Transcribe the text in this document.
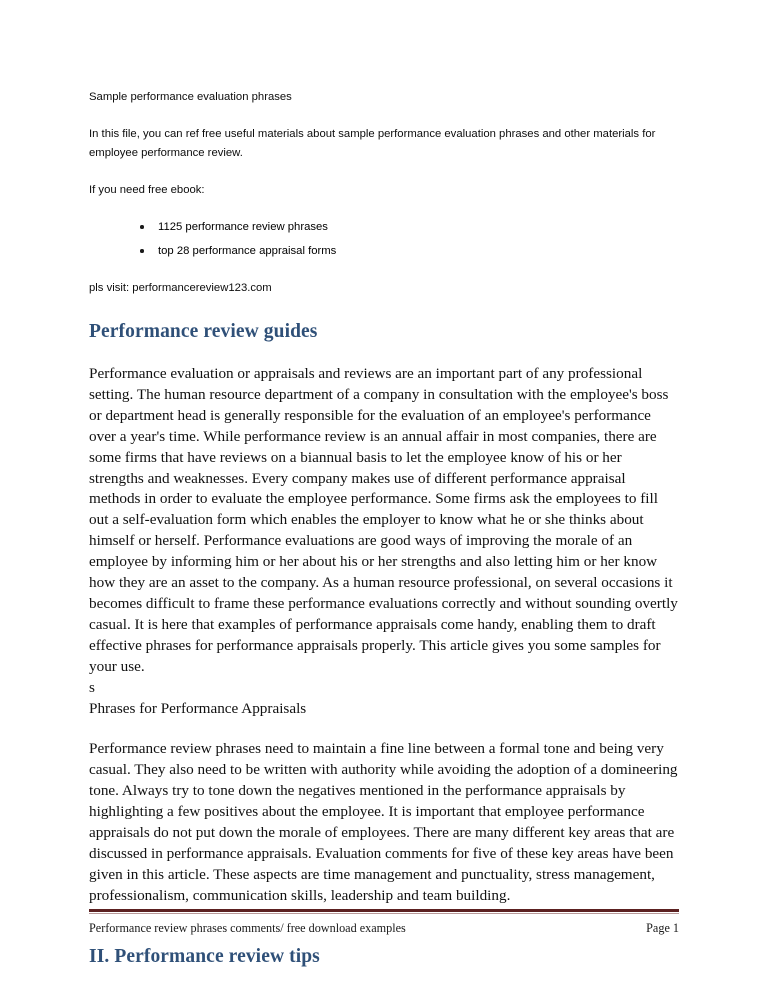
Sample performance evaluation phrases

In this file, you can ref free useful materials about sample performance evaluation phrases and other materials for employee performance review.

If you need free ebook:

1125 performance review phrases
top 28 performance appraisal forms

pls visit: performancereview123.com

Performance review guides

Performance evaluation or appraisals and reviews are an important part of any professional setting. The human resource department of a company in consultation with the employee's boss or department head is generally responsible for the evaluation of an employee's performance over a year's time. While performance review is an annual affair in most companies, there are some firms that have reviews on a biannual basis to let the employee know of his or her strengths and weaknesses. Every company makes use of different performance appraisal methods in order to evaluate the employee performance. Some firms ask the employees to fill out a self-evaluation form which enables the employer to know what he or she thinks about himself or herself. Performance evaluations are good ways of improving the morale of an employee by informing him or her about his or her strengths and also letting him or her know how they are an asset to the company. As a human resource professional, on several occasions it becomes difficult to frame these performance evaluations correctly and without sounding overtly casual. It is here that examples of performance appraisals come handy, enabling them to draft effective phrases for performance appraisals properly. This article gives you some samples for your use.

s

Phrases for Performance Appraisals

Performance review phrases need to maintain a fine line between a formal tone and being very casual. They also need to be written with authority while avoiding the adoption of a domineering tone. Always try to tone down the negatives mentioned in the performance appraisals by highlighting a few positives about the employee. It is important that employee performance appraisals do not put down the morale of employees. There are many different key areas that are discussed in performance appraisals. Evaluation comments for five of these key areas have been given in this article. These aspects are time management and punctuality, stress management, professionalism, communication skills, leadership and team building.

II. Performance review tips
Performance review phrases comments/ free download examples	Page 1
